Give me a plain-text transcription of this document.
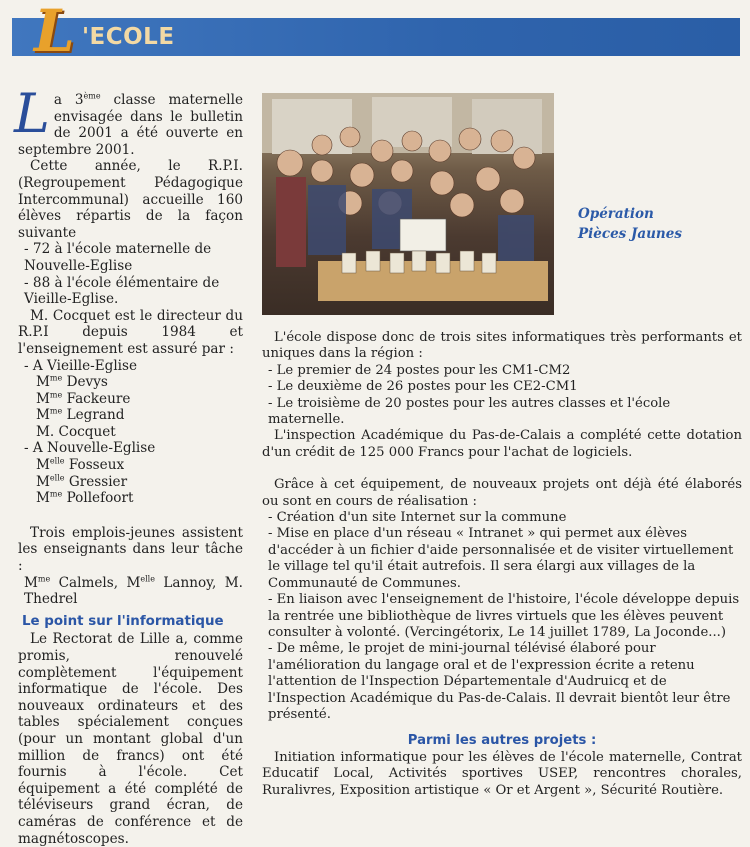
L 'ECOLE

La 3ème classe maternelle envisagée dans le bulletin de 2001 a été ouverte en septembre 2001.

Cette année, le R.P.I. (Regroupement Pédagogique Intercommunal) accueille 160 élèves répartis de la façon suivante

- 72 à l'école maternelle de Nouvelle-Eglise

- 88 à l'école élémentaire de Vieille-Eglise.

M. Cocquet est le directeur du R.P.I depuis 1984 et l'enseignement est assuré par :

- A Vieille-Eglise

$M^{me}$ Devys

$M^{me}$ Fackeure

$M^{me}$ Legrand

M. Cocquet

- A Nouvelle-Eglise

$M^{elle}$ Fosseux

$M^{elle}$ Gressier

$M^{me}$ Pollefoort

Trois emplois-jeunes assistent les enseignants dans leur tâche :

$M^{me}$ Calmels, $M^{elle}$ Lannoy, M. Thedrel

Le point sur l'informatique

Le Rectorat de Lille a, comme promis, renouvelé complètement l'équipement informatique de l'école. Des nouveaux ordinateurs et des tables spécialement conçues (pour un montant global d'un million de francs) ont été fournis à l'école. Cet équipement a été complété de téléviseurs grand écran, de caméras de conférence et de magnétoscopes.

Opération
Pièces Jaunes

L'école dispose donc de trois sites informatiques très performants et uniques dans la région :

- Le premier de 24 postes pour les CM1-CM2

- Le deuxième de 26 postes pour les CE2-CM1

- Le troisième de 20 postes pour les autres classes et l'école maternelle.

L'inspection Académique du Pas-de-Calais a complété cette dotation d'un crédit de 125 000 Francs pour l'achat de logiciels.

Grâce à cet équipement, de nouveaux projets ont déjà été élaborés ou sont en cours de réalisation :

- Création d'un site Internet sur la commune

- Mise en place d'un réseau « Intranet » qui permet aux élèves d'accéder à un fichier d'aide personnalisée et de visiter virtuellement le village tel qu'il était autrefois. Il sera élargi aux villages de la Communauté de Communes.

- En liaison avec l'enseignement de l'histoire, l'école développe depuis la rentrée une bibliothèque de livres virtuels que les élèves peuvent consulter à volonté. (Vercingétorix, Le 14 juillet 1789, La Joconde...)

- De même, le projet de mini-journal télévisé élaboré pour l'amélioration du langage oral et de l'expression écrite a retenu l'attention de l'Inspection Départementale d'Audruicq et de l'Inspection Académique du Pas-de-Calais. Il devrait bientôt leur être présenté.

Parmi les autres projets :

Initiation informatique pour les élèves de l'école maternelle, Contrat Educatif Local, Activités sportives USEP, rencontres chorales, Ruralivres, Exposition artistique « Or et Argent », Sécurité Routière.
